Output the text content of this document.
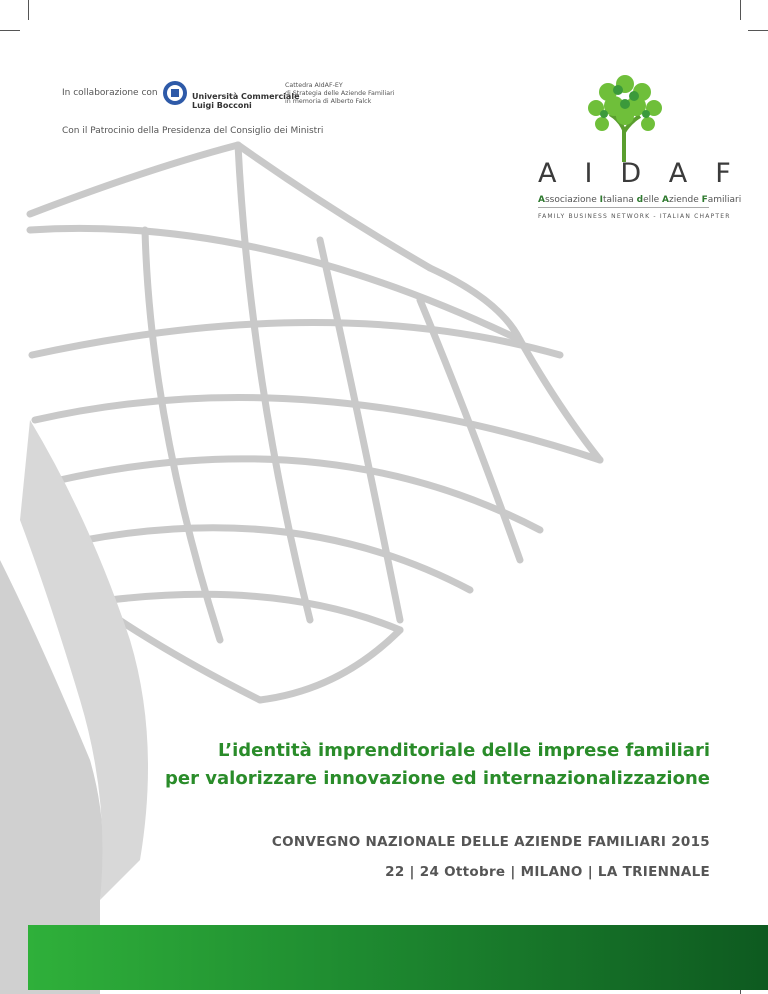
In collaborazione con	Università Commerciale
Luigi Bocconi
Cattedra AIdAF-EY
di Strategia delle Aziende Familiari
in memoria di Alberto Falck
Con il Patrocinio della Presidenza del Consiglio dei Ministri
AIDAF
Associazione Italiana delle Aziende Familiari
FAMILY BUSINESS NETWORK - ITALIAN CHAPTER
L’identità imprenditoriale delle imprese familiari
per valorizzare innovazione ed internazionalizzazione
CONVEGNO NAZIONALE DELLE AZIENDE FAMILIARI 2015
22 | 24 Ottobre | MILANO | LA TRIENNALE
